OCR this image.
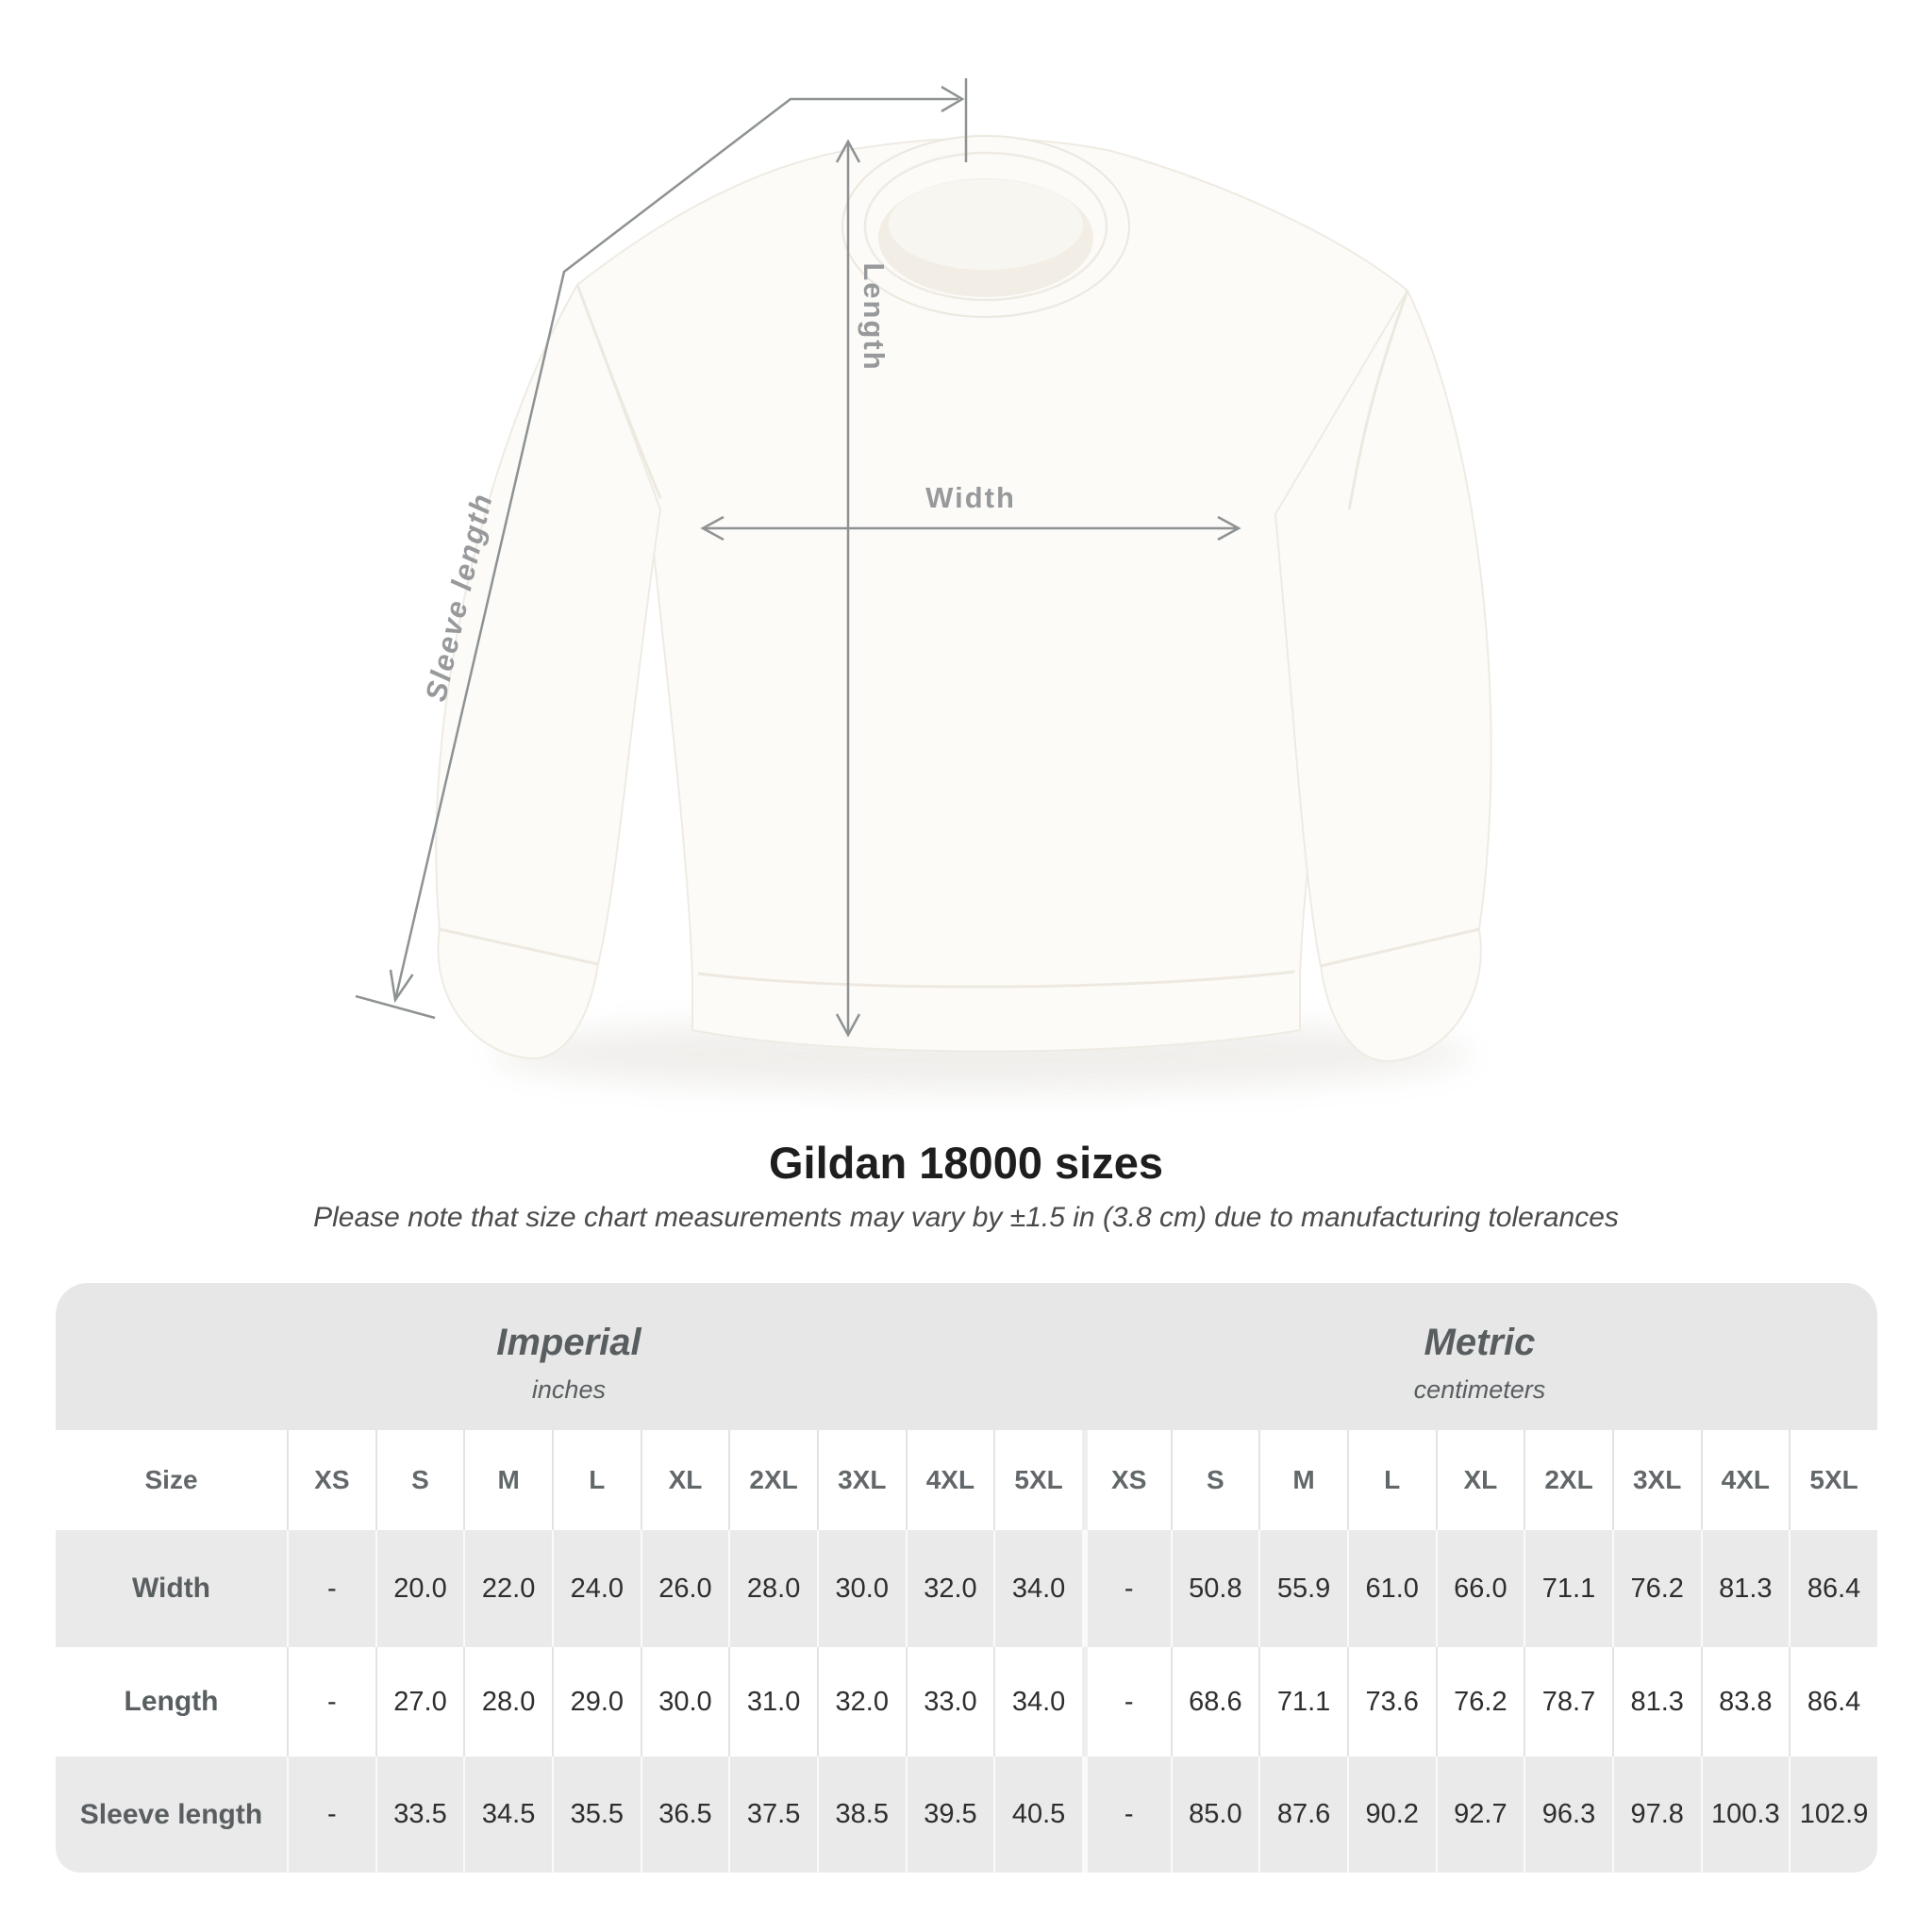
Width
Length
Sleeve length
Gildan 18000 sizes
Please note that size chart measurements may vary by ±1.5 in (3.8 cm) due to manufacturing tolerances
Imperial
inches

Metric
centimeters

Size	XS	S	M	L	XL	2XL	3XL	4XL	5XL	XS	S	M	L	XL	2XL	3XL	4XL	5XL
Width	-	20.0	22.0	24.0	26.0	28.0	30.0	32.0	34.0	-	50.8	55.9	61.0	66.0	71.1	76.2	81.3	86.4
Length	-	27.0	28.0	29.0	30.0	31.0	32.0	33.0	34.0	-	68.6	71.1	73.6	76.2	78.7	81.3	83.8	86.4
Sleeve length	-	33.5	34.5	35.5	36.5	37.5	38.5	39.5	40.5	-	85.0	87.6	90.2	92.7	96.3	97.8	100.3	102.9
